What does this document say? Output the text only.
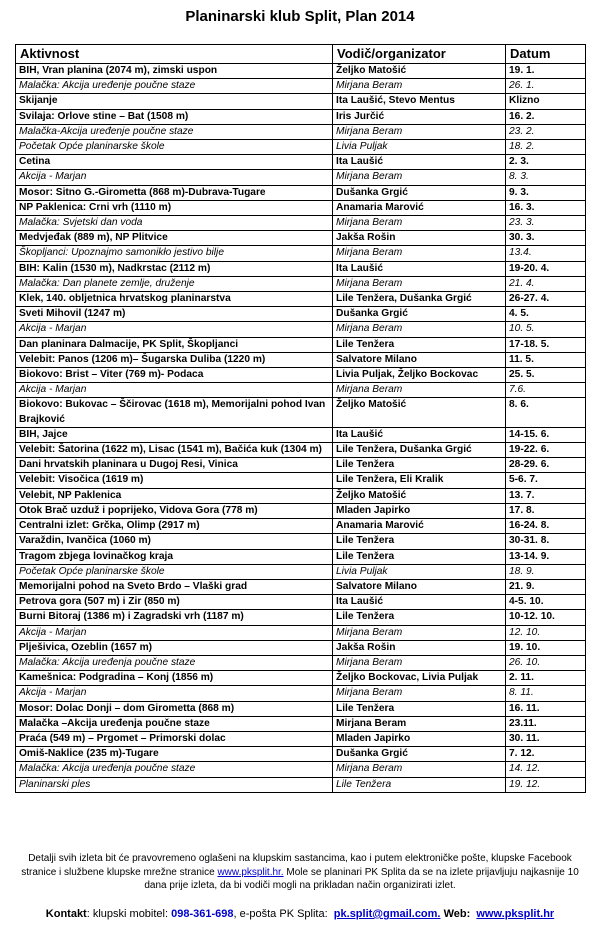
Planinarski klub Split, Plan 2014
Aktivnost	Vodič/organizator	Datum
BIH, Vran planina (2074 m), zimski uspon	Željko Matošić	19. 1.
Malačka: Akcija uređenje poučne staze	Mirjana Beram	26. 1.
Skijanje	Ita Laušić, Stevo Mentus	Klizno
Svilaja: Orlove stine – Bat (1508 m)	Iris Jurčić	16. 2.
Malačka-Akcija uređenje poučne staze	Mirjana Beram	23. 2.
Početak Opće planinarske škole	Livia Puljak	18. 2.
Cetina	Ita Laušić	2. 3.
Akcija - Marjan	Mirjana Beram	8. 3.
Mosor: Sitno G.-Girometta (868 m)-Dubrava-Tugare	Dušanka Grgić	9. 3.
NP Paklenica: Crni vrh (1110 m)	Anamaria Marović	16. 3.
Malačka: Svjetski dan voda	Mirjana Beram	23. 3.
Medvjeđak (889 m), NP Plitvice	Jakša Rošin	30. 3.
Škopljanci: Upoznajmo samonikło jestivo bilje	Mirjana Beram	13.4.
BIH: Kalin (1530 m), Nadkrstac (2112 m)	Ita Laušić	19-20. 4.
Malačka: Dan planete zemlje, druženje	Mirjana Beram	21. 4.
Klek, 140. obljetnica hrvatskog planinarstva	Lile Tenžera, Dušanka Grgić	26-27. 4.
Sveti Mihovil (1247 m)	Dušanka Grgić	4. 5.
Akcija - Marjan	Mirjana Beram	10. 5.
Dan planinara Dalmacije, PK Split, Škopljanci	Lile Tenžera	17-18. 5.
Velebit: Panos (1206 m)– Šugarska Duliba (1220 m)	Salvatore Milano	11. 5.
Biokovo: Brist – Viter (769 m)- Podaca	Livia Puljak, Željko Bockovac	25. 5.
Akcija - Marjan	Mirjana Beram	7.6.
Biokovo: Bukovac – Ščirovac (1618 m), Memorijalni pohod Ivan Brajković	Željko Matošić	8. 6.
BIH, Jajce	Ita Laušić	14-15. 6.
Velebit: Šatorina (1622 m), Lisac (1541 m), Bačića kuk (1304 m)	Lile Tenžera, Dušanka Grgić	19-22. 6.
Dani hrvatskih planinara u Dugoj Resi, Vinica	Lile Tenžera	28-29. 6.
Velebit: Visočica (1619 m)	Lile Tenžera, Eli Kralik	5-6. 7.
Velebit, NP Paklenica	Željko Matošić	13. 7.
Otok Brač uzduž i poprijeko, Vidova Gora (778 m)	Mladen Japirko	17. 8.
Centralni izlet: Grčka, Olimp (2917 m)	Anamaria Marović	16-24. 8.
Varaždin, Ivančica (1060 m)	Lile Tenžera	30-31. 8.
Tragom zbjega lovinačkog kraja	Lile Tenžera	13-14. 9.
Početak Opće planinarske škole	Livia Puljak	18. 9.
Memorijalni pohod na Sveto Brdo – Vlaški grad	Salvatore Milano	21. 9.
Petrova gora (507 m) i Zir (850 m)	Ita Laušić	4-5. 10.
Burni Bitoraj (1386 m) i Zagradski vrh (1187 m)	Lile Tenžera	10-12. 10.
Akcija - Marjan	Mirjana Beram	12. 10.
Plješivica, Ozeblin (1657 m)	Jakša Rošin	19. 10.
Malačka: Akcija uređenja poučne staze	Mirjana Beram	26. 10.
Kamešnica: Podgradina – Konj (1856 m)	Željko Bockovac, Livia Puljak	2. 11.
Akcija - Marjan	Mirjana Beram	8. 11.
Mosor: Dolac Donji – dom Girometta (868 m)	Lile Tenžera	16. 11.
Malačka –Akcija uređenja poučne staze	Mirjana Beram	23.11.
Praća (549 m) – Prgomet – Primorski dolac	Mladen Japirko	30. 11.
Omiš-Naklice (235 m)-Tugare	Dušanka Grgić	7. 12.
Malačka: Akcija uređenja poučne staze	Mirjana Beram	14. 12.
Planinarski ples	Lile Tenžera	19. 12.
Detalji svih izleta bit će pravovremeno oglašeni na klupskim sastancima, kao i putem elektroničke pošte, klupske Facebook stranice i službene klupske mrežne stranice www.pksplit.hr. Mole se planinari PK Splita da se na izlete prijavljuju najkasnije 10 dana prije izleta, da bi vodiči mogli na prikladan način organizirati izlet.
Kontakt: klupski mobitel: 098-361-698, e-pošta PK Splita: pk.split@gmail.com. Web: www.pksplit.hr
